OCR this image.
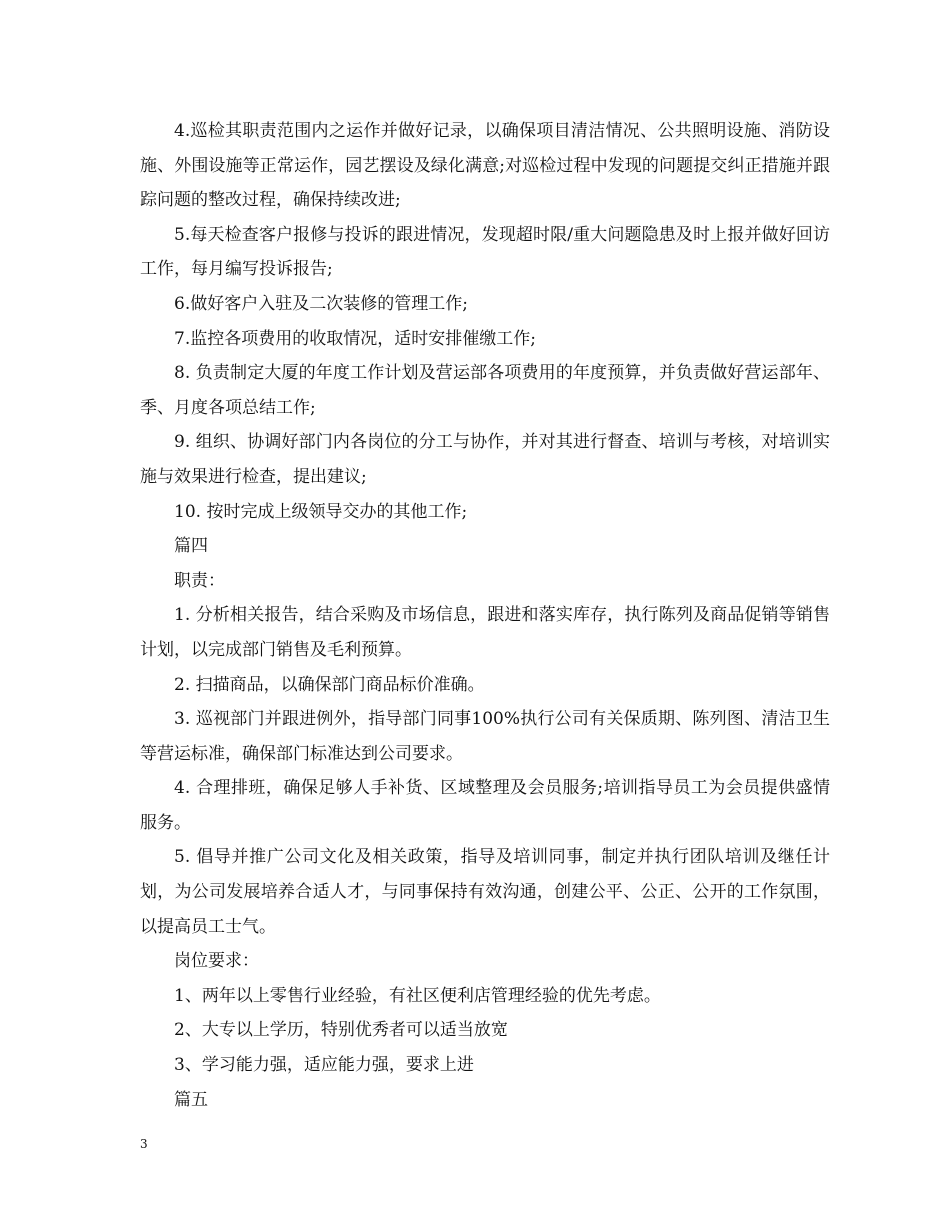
4.巡检其职责范围内之运作并做好记录，以确保项目清洁情况、公共照明设施、消防设施、外围设施等正常运作，园艺摆设及绿化满意;对巡检过程中发现的问题提交纠正措施并跟踪问题的整改过程，确保持续改进;

5.每天检查客户报修与投诉的跟进情况，发现超时限/重大问题隐患及时上报并做好回访工作，每月编写投诉报告;

6.做好客户入驻及二次装修的管理工作;

7.监控各项费用的收取情况，适时安排催缴工作;

8. 负责制定大厦的年度工作计划及营运部各项费用的年度预算，并负责做好营运部年、季、月度各项总结工作;

9. 组织、协调好部门内各岗位的分工与协作，并对其进行督查、培训与考核，对培训实施与效果进行检查，提出建议;

10. 按时完成上级领导交办的其他工作;

篇四

职责：

1. 分析相关报告，结合采购及市场信息，跟进和落实库存，执行陈列及商品促销等销售计划，以完成部门销售及毛利预算。

2. 扫描商品，以确保部门商品标价准确。

3. 巡视部门并跟进例外，指导部门同事100%执行公司有关保质期、陈列图、清洁卫生等营运标准，确保部门标准达到公司要求。

4. 合理排班，确保足够人手补货、区域整理及会员服务;培训指导员工为会员提供盛情服务。

5. 倡导并推广公司文化及相关政策，指导及培训同事，制定并执行团队培训及继任计划，为公司发展培养合适人才，与同事保持有效沟通，创建公平、公正、公开的工作氛围，以提高员工士气。

岗位要求：

1、两年以上零售行业经验，有社区便利店管理经验的优先考虑。

2、大专以上学历，特别优秀者可以适当放宽

3、学习能力强，适应能力强，要求上进

篇五

3
